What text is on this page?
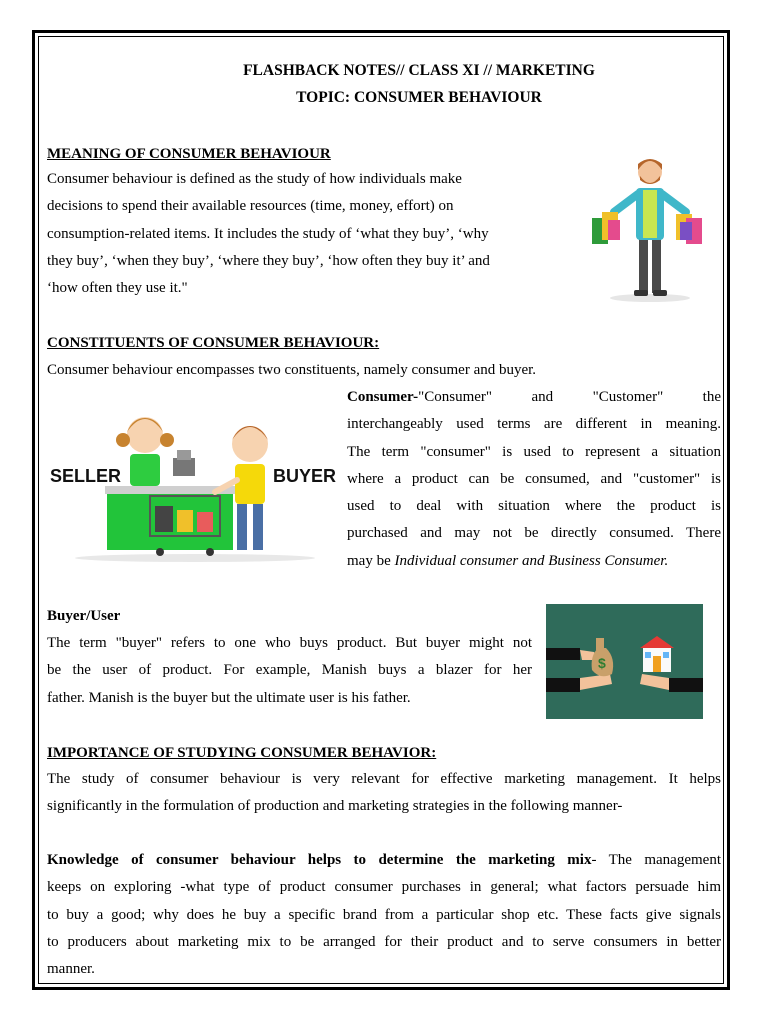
FLASHBACK NOTES// CLASS XI // MARKETING
TOPIC: CONSUMER BEHAVIOUR
MEANING OF CONSUMER BEHAVIOUR
Consumer behaviour is defined as the study of how individuals make
decisions to spend their available resources (time, money, effort) on
consumption-related items. It includes the study of ‘what they buy’, ‘why
they buy’, ‘when they buy’, ‘where they buy’, ‘how often they buy it’ and
‘how often they use it."
CONSTITUENTS OF CONSUMER BEHAVIOUR:
Consumer behaviour encompasses two constituents, namely consumer and buyer.
SELLER	BUYER
Consumer-"Consumer" and "Customer" the
interchangeably used terms are different in meaning.
The term "consumer" is used to represent a situation
where a product can be consumed, and "customer" is
used to deal with situation where the product is
purchased and may not be directly consumed. There
may be Individual consumer and Business Consumer.
Buyer/User
The term "buyer" refers to one who buys product. But buyer might not
be the user of product. For example, Manish buys a blazer for her
father. Manish is the buyer but the ultimate user is his father.
$
IMPORTANCE OF STUDYING CONSUMER BEHAVIOR:
The study of consumer behaviour is very relevant for effective marketing management. It helps
significantly in the formulation of production and marketing strategies in the following manner-
Knowledge of consumer behaviour helps to determine the marketing mix- The management
keeps on exploring -what type of product consumer purchases in general; what factors persuade him
to buy a good; why does he buy a specific brand from a particular shop etc. These facts give signals
to producers about marketing mix to be arranged for their product and to serve consumers in better
manner.
